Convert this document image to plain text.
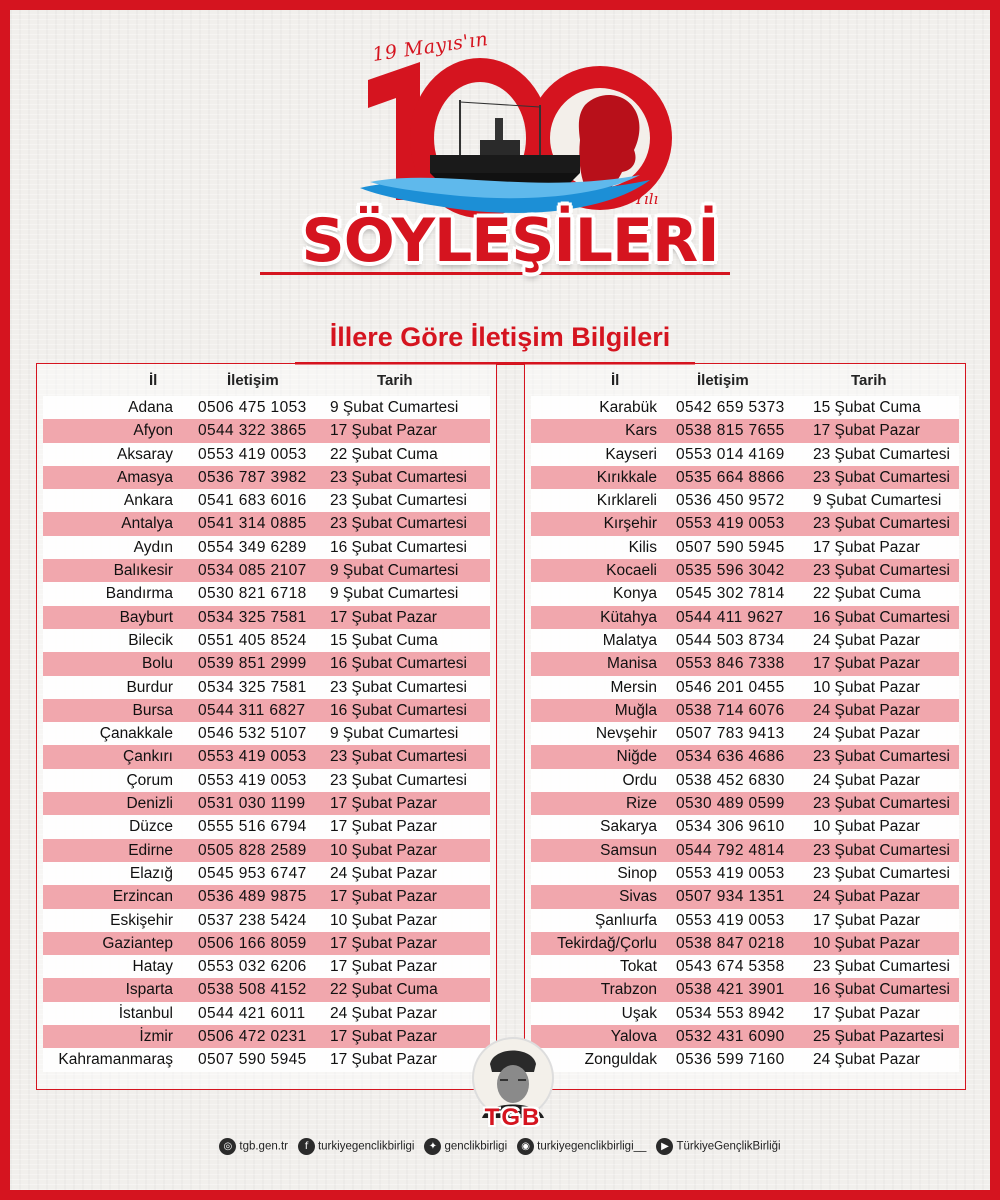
19 Mayıs'ın
Yılı
SÖYLEŞİLERİ
İllere Göre İletişim Bilgileri
İl	İletişim	Tarih
Adana 0506 475 1053 9 Şubat Cumartesi
Afyon 0544 322 3865 17 Şubat Pazar
Aksaray 0553 419 0053 22 Şubat Cuma
Amasya 0536 787 3982 23 Şubat Cumartesi
Ankara 0541 683 6016 23 Şubat Cumartesi
Antalya 0541 314 0885 23 Şubat Cumartesi
Aydın 0554 349 6289 16 Şubat Cumartesi
Balıkesir 0534 085 2107 9 Şubat Cumartesi
Bandırma 0530 821 6718 9 Şubat Cumartesi
Bayburt 0534 325 7581 17 Şubat Pazar
Bilecik 0551 405 8524 15 Şubat Cuma
Bolu 0539 851 2999 16 Şubat Cumartesi
Burdur 0534 325 7581 23 Şubat Cumartesi
Bursa 0544 311 6827 16 Şubat Cumartesi
Çanakkale 0546 532 5107 9 Şubat Cumartesi
Çankırı 0553 419 0053 23 Şubat Cumartesi
Çorum 0553 419 0053 23 Şubat Cumartesi
Denizli 0531 030 1199 17 Şubat Pazar
Düzce 0555 516 6794 17 Şubat Pazar
Edirne 0505 828 2589 10 Şubat Pazar
Elazığ 0545 953 6747 24 Şubat Pazar
Erzincan 0536 489 9875 17 Şubat Pazar
Eskişehir 0537 238 5424 10 Şubat Pazar
Gaziantep 0506 166 8059 17 Şubat Pazar
Hatay 0553 032 6206 17 Şubat Pazar
Isparta 0538 508 4152 22 Şubat Cuma
İstanbul 0544 421 6011 24 Şubat Pazar
İzmir 0506 472 0231 17 Şubat Pazar
Kahramanmaraş 0507 590 5945 17 Şubat Pazar
İl	İletişim	Tarih
Karabük 0542 659 5373 15 Şubat Cuma
Kars 0538 815 7655 17 Şubat Pazar
Kayseri 0553 014 4169 23 Şubat Cumartesi
Kırıkkale 0535 664 8866 23 Şubat Cumartesi
Kırklareli 0536 450 9572 9 Şubat Cumartesi
Kırşehir 0553 419 0053 23 Şubat Cumartesi
Kilis 0507 590 5945 17 Şubat Pazar
Kocaeli 0535 596 3042 23 Şubat Cumartesi
Konya 0545 302 7814 22 Şubat Cuma
Kütahya 0544 411 9627 16 Şubat Cumartesi
Malatya 0544 503 8734 24 Şubat Pazar
Manisa 0553 846 7338 17 Şubat Pazar
Mersin 0546 201 0455 10 Şubat Pazar
Muğla 0538 714 6076 24 Şubat Pazar
Nevşehir 0507 783 9413 24 Şubat Pazar
Niğde 0534 636 4686 23 Şubat Cumartesi
Ordu 0538 452 6830 24 Şubat Pazar
Rize 0530 489 0599 23 Şubat Cumartesi
Sakarya 0534 306 9610 10 Şubat Pazar
Samsun 0544 792 4814 23 Şubat Cumartesi
Sinop 0553 419 0053 23 Şubat Cumartesi
Sivas 0507 934 1351 24 Şubat Pazar
Şanlıurfa 0553 419 0053 17 Şubat Pazar
Tekirdağ/Çorlu 0538 847 0218 10 Şubat Pazar
Tokat 0543 674 5358 23 Şubat Cumartesi
Trabzon 0538 421 3901 16 Şubat Cumartesi
Uşak 0534 553 8942 17 Şubat Pazar
Yalova 0532 431 6090 25 Şubat Pazartesi
Zonguldak 0536 599 7160 24 Şubat Pazar
TGB
◎ tgb.gen.tr f turkiyegenclikbirligi ✦ genclikbirligi ◉ turkiyegenclikbirligi__ ▶ TürkiyeGençlikBirliği
